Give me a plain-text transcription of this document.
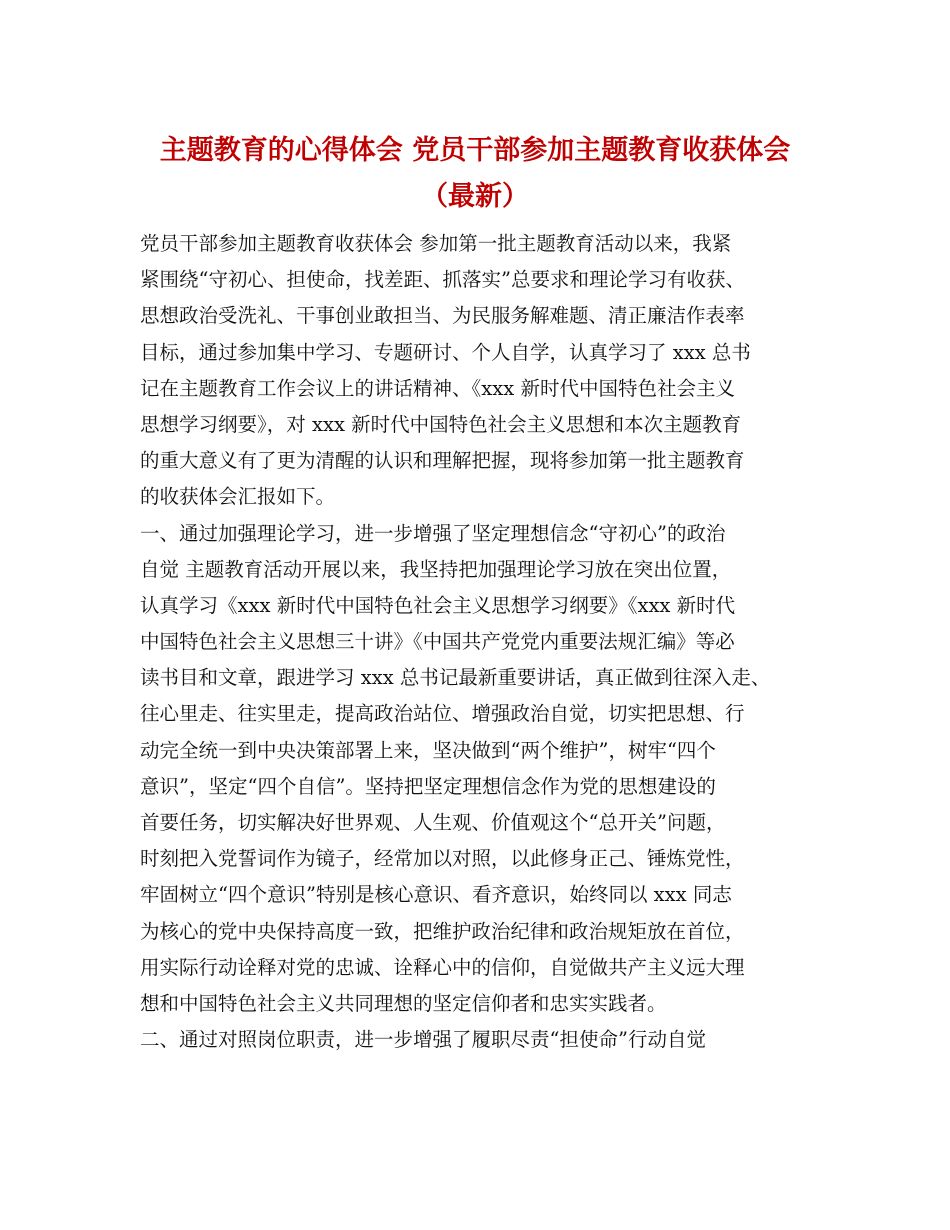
主题教育的心得体会 党员干部参加主题教育收获体会
（最新）
党员干部参加主题教育收获体会 参加第一批主题教育活动以来，我紧
紧围绕“守初心、担使命，找差距、抓落实”总要求和理论学习有收获、
思想政治受洗礼、干事创业敢担当、为民服务解难题、清正廉洁作表率
目标，通过参加集中学习、专题研讨、个人自学，认真学习了 xxx 总书
记在主题教育工作会议上的讲话精神、《xxx 新时代中国特色社会主义
思想学习纲要》，对 xxx 新时代中国特色社会主义思想和本次主题教育
的重大意义有了更为清醒的认识和理解把握，现将参加第一批主题教育
的收获体会汇报如下。
一、通过加强理论学习，进一步增强了坚定理想信念“守初心”的政治
自觉 主题教育活动开展以来，我坚持把加强理论学习放在突出位置，
认真学习《xxx 新时代中国特色社会主义思想学习纲要》《xxx 新时代
中国特色社会主义思想三十讲》《中国共产党党内重要法规汇编》等必
读书目和文章，跟进学习 xxx 总书记最新重要讲话，真正做到往深入走、
往心里走、往实里走，提高政治站位、增强政治自觉，切实把思想、行
动完全统一到中央决策部署上来，坚决做到“两个维护”，树牢“四个
意识”，坚定“四个自信”。坚持把坚定理想信念作为党的思想建设的
首要任务，切实解决好世界观、人生观、价值观这个“总开关”问题，
时刻把入党誓词作为镜子，经常加以对照，以此修身正己、锤炼党性，
牢固树立“四个意识”特别是核心意识、看齐意识，始终同以 xxx 同志
为核心的党中央保持高度一致，把维护政治纪律和政治规矩放在首位，
用实际行动诠释对党的忠诚、诠释心中的信仰，自觉做共产主义远大理
想和中国特色社会主义共同理想的坚定信仰者和忠实实践者。
二、通过对照岗位职责，进一步增强了履职尽责“担使命”行动自觉
